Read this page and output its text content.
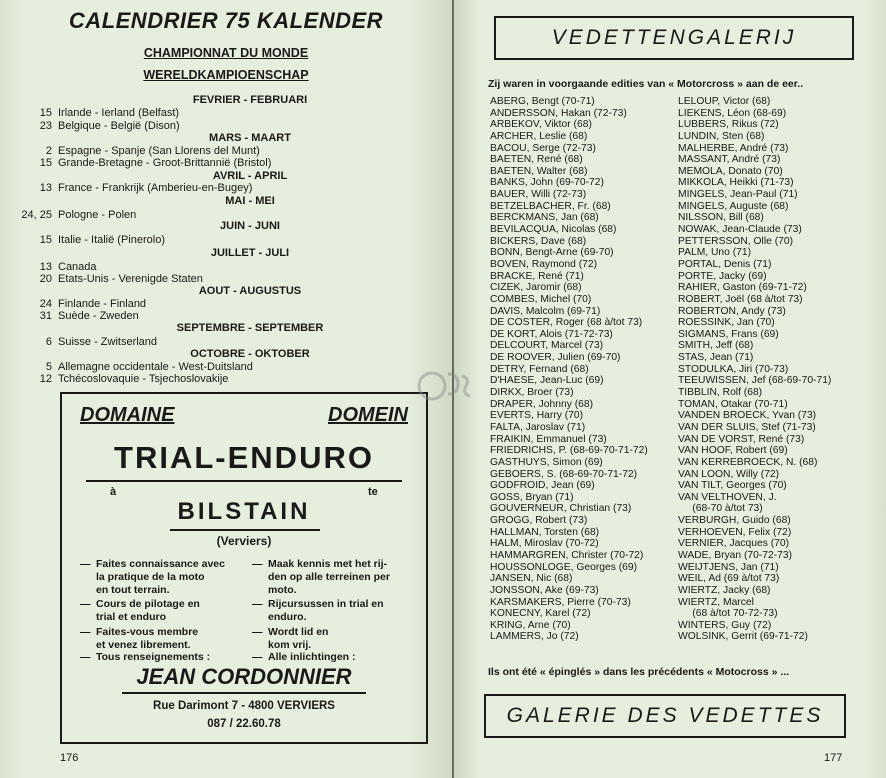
CALENDRIER 75 KALENDER
CHAMPIONNAT DU MONDE
WERELDKAMPIOENSCHAP
FEVRIER - FEBRUARI
15 Irlande - Ierland (Belfast)
23 Belgique - België (Dison)
MARS - MAART
2 Espagne - Spanje (San Llorens del Munt)
15 Grande-Bretagne - Groot-Brittannië (Bristol)
AVRIL - APRIL
13 France - Frankrijk (Amberieu-en-Bugey)
MAI - MEI
24, 25 Pologne - Polen
JUIN - JUNI
15 Italie - Italië (Pinerolo)
JUILLET - JULI
13 Canada
20 Etats-Unis - Verenigde Staten
AOUT - AUGUSTUS
24 Finlande - Finland
31 Suède - Zweden
SEPTEMBRE - SEPTEMBER
6 Suisse - Zwitserland
OCTOBRE - OKTOBER
5 Allemagne occidentale - West-Duitsland
12 Tchécoslovaquie - Tsjechoslovakije
DOMAINE	DOMEIN
TRIAL-ENDURO
à	te
BILSTAIN
(Verviers)
— Faites connaissance avec
la pratique de la moto
en tout terrain.
— Cours de pilotage en
trial et enduro
— Faites-vous membre
et venez librement.
— Tous renseignements :
— Maak kennis met het rij-
den op alle terreinen per
moto.
— Rijcursussen in trial en
enduro.
— Wordt lid en
kom vrij.
— Alle inlichtingen :
JEAN CORDONNIER
Rue Darimont 7 - 4800 VERVIERS
087 / 22.60.78
176
VEDETTENGALERIJ
Zij waren in voorgaande edities van « Motorcross » aan de eer..
ABERG, Bengt (70-71)
ANDERSSON, Hakan (72-73)
ARBEKOV, Viktor (68)
ARCHER, Leslie (68)
BACOU, Serge (72-73)
BAETEN, René (68)
BAETEN, Walter (68)
BANKS, John (69-70-72)
BAUER, Willi (72-73)
BETZELBACHER, Fr. (68)
BERCKMANS, Jan (68)
BEVILACQUA, Nicolas (68)
BICKERS, Dave (68)
BONN, Bengt-Arne (69-70)
BOVEN, Raymond (72)
BRACKE, René (71)
CIZEK, Jaromir (68)
COMBES, Michel (70)
DAVIS, Malcolm (69-71)
DE COSTER, Roger (68 à/tot 73)
DE KORT, Alois (71-72-73)
DELCOURT, Marcel (73)
DE ROOVER, Julien (69-70)
DETRY, Fernand (68)
D'HAESE, Jean-Luc (69)
DIRKX, Broer (73)
DRAPER, Johnny (68)
EVERTS, Harry (70)
FALTA, Jaroslav (71)
FRAIKIN, Emmanuel (73)
FRIEDRICHS, P. (68-69-70-71-72)
GASTHUYS, Simon (69)
GEBOERS, S. (68-69-70-71-72)
GODFROID, Jean (69)
GOSS, Bryan (71)
GOUVERNEUR, Christian (73)
GROGG, Robert (73)
HALLMAN, Torsten (68)
HALM, Miroslav (70-72)
HAMMARGREN, Christer (70-72)
HOUSSONLOGE, Georges (69)
JANSEN, Nic (68)
JONSSON, Ake (69-73)
KARSMAKERS, Pierre (70-73)
KONECNY, Karel (72)
KRING, Arne (70)
LAMMERS, Jo (72)
LELOUP, Victor (68)
LIEKENS, Léon (68-69)
LUBBERS, Rikus (72)
LUNDIN, Sten (68)
MALHERBE, André (73)
MASSANT, André (73)
MEMOLA, Donato (70)
MIKKOLA, Heikki (71-73)
MINGELS, Jean-Paul (71)
MINGELS, Auguste (68)
NILSSON, Bill (68)
NOWAK, Jean-Claude (73)
PETTERSSON, Olle (70)
PALM, Uno (71)
PORTAL, Denis (71)
PORTE, Jacky (69)
RAHIER, Gaston (69-71-72)
ROBERT, Joël (68 à/tot 73)
ROBERTON, Andy (73)
ROESSINK, Jan (70)
SIGMANS, Frans (69)
SMITH, Jeff (68)
STAS, Jean (71)
STODULKA, Jiri (70-73)
TEEUWISSEN, Jef (68-69-70-71)
TIBBLIN, Rolf (68)
TOMAN, Otakar (70-71)
VANDEN BROECK, Yvan (73)
VAN DER SLUIS, Stef (71-73)
VAN DE VORST, René (73)
VAN HOOF, Robert (69)
VAN KERREBROECK, N. (68)
VAN LOON, Willy (72)
VAN TILT, Georges (70)
VAN VELTHOVEN, J.
(68-70 à/tot 73)
VERBURGH, Guido (68)
VERHOEVEN, Felix (72)
VERNIER, Jacques (70)
WADE, Bryan (70-72-73)
WEIJTJENS, Jan (71)
WEIL, Ad (69 à/tot 73)
WIERTZ, Jacky (68)
WIERTZ, Marcel
(68 à/tot 70-72-73)
WINTERS, Guy (72)
WOLSINK, Gerrit (69-71-72)
Ils ont été « épinglés » dans les précédents « Motocross » ...
GALERIE DES VEDETTES
177
